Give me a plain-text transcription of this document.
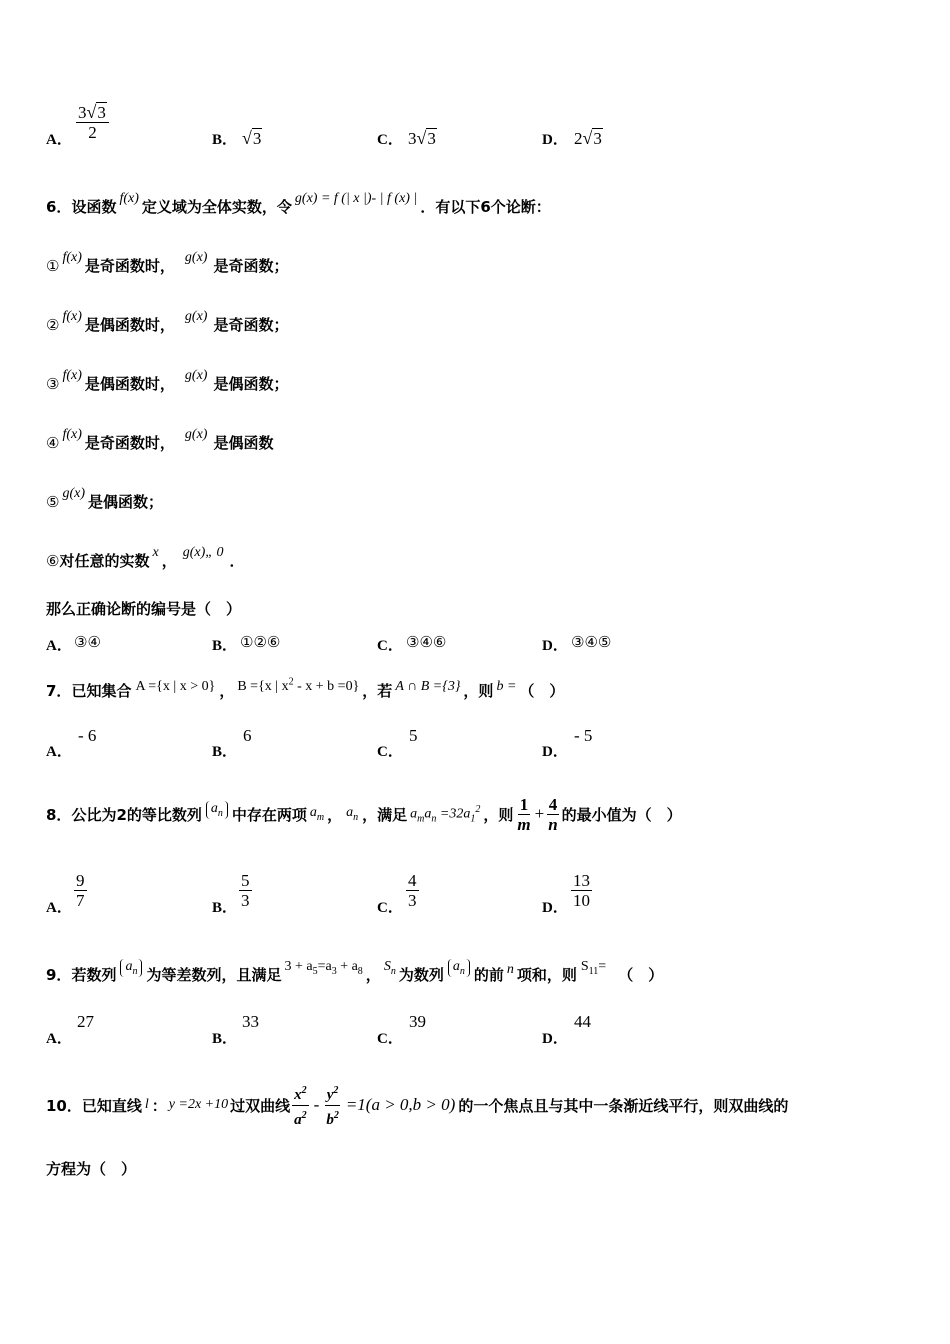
A． $\frac{3√3}{2}$	B． √3	C． 3√3	D． 2√3
6．设函数 f(x) 定义域为全体实数，令 g(x) = f (| x |)- | f (x) | ．有以下6个论断：
① f(x) 是奇函数时， g(x) 是奇函数；
② f(x) 是偶函数时， g(x) 是奇函数；
③ f(x) 是偶函数时， g(x) 是偶函数；
④ f(x) 是奇函数时， g(x) 是偶函数
⑤ g(x) 是偶函数；
⑥对任意的实数 x ， g(x)„ 0 ．
那么正确论断的编号是（　）
A． ③④	B． ①②⑥	C． ③④⑥	D． ③④⑤
7．已知集合 A ={x | x > 0} ， B ={x | $x^2 - x + b =0$} ，若 A ∩ B ={3} ，则 b = （　）
A．
- 6
B．
6
C．
5
D．
- 5
8． 公比为2的等比数列 $a_n$ 中存在两项 $a_m$ ， $a_n$ ，满足 $a_ma_n =32a_1^2$ ，则 $\frac{1}{m} + \frac{4}{n}$ 的最小值为（　）
A． $\frac{9}{7}$	B． $\frac{5}{3}$	C． $\frac{4}{3}$	D． $\frac{13}{10}$
9． 若数列 $a_n$ 为等差数列，且满足 $3 + a_5=a_3 + a_8$ ， $S_n$ 为数列 $a_n$ 的前 n 项和，则 $S_{11}=$ （　）
A．
27
B．
33
C．
39
D．
44
10． 已知直线 l ： y =2x +10 过双曲线 $\frac{x^2}{a^2} - \frac{y^2}{b^2} =1(a > 0,b > 0)$ 的一个焦点且与其中一条渐近线平行，则双曲线的
方程为（　）
